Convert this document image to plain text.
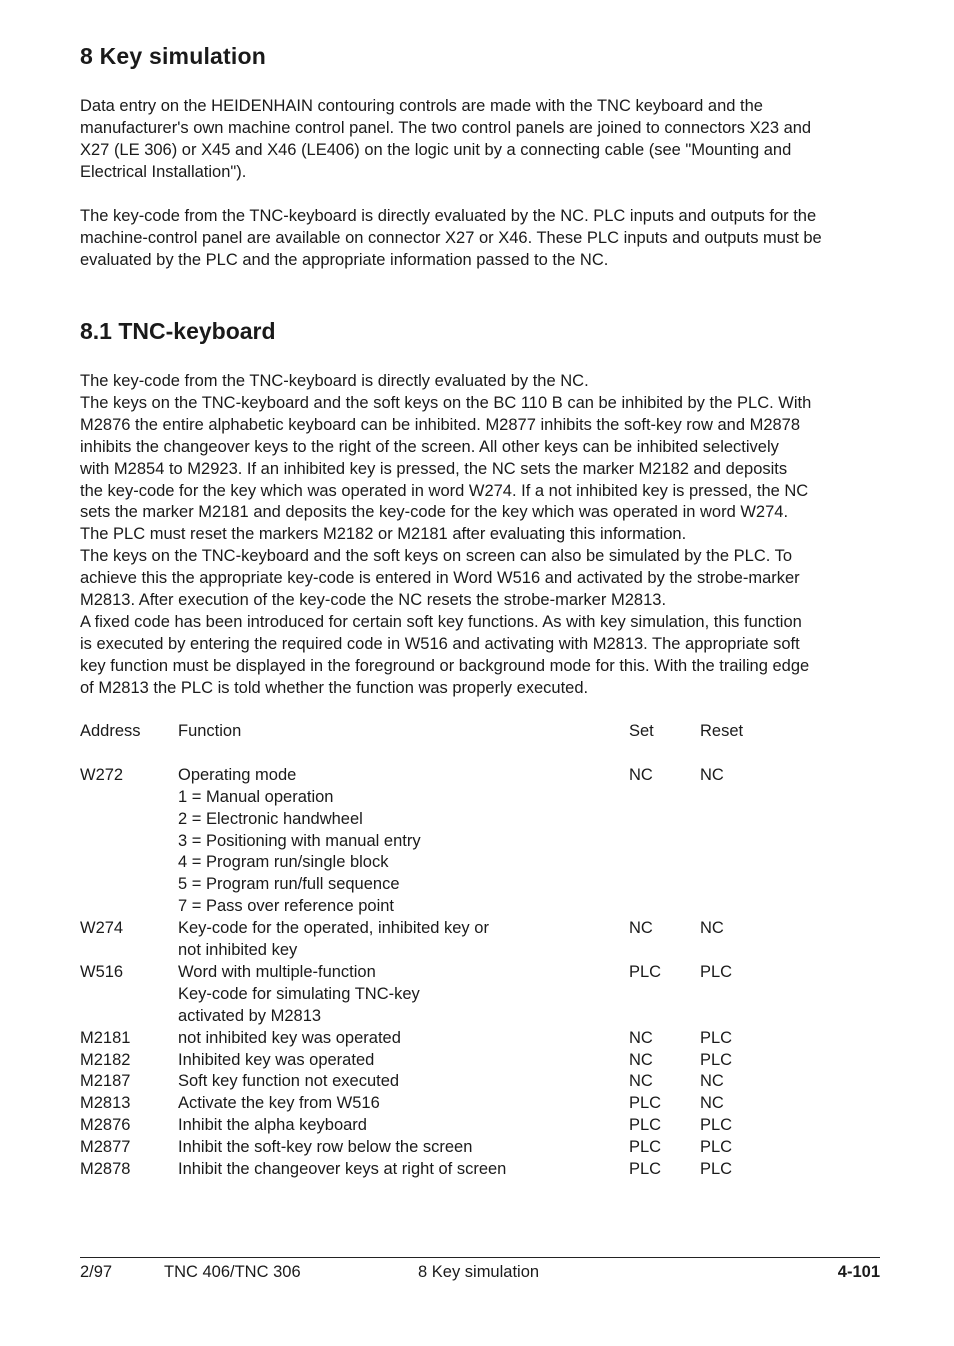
8 Key simulation

Data entry on the HEIDENHAIN contouring controls are made with the TNC keyboard and the
manufacturer's own machine control panel. The two control panels are joined to connectors X23 and
X27 (LE 306) or X45 and X46 (LE406) on the logic unit by a connecting cable (see "Mounting and
Electrical Installation").

The key-code from the TNC-keyboard is directly evaluated by the NC. PLC inputs and outputs for the
machine-control panel are available on connector X27 or X46. These PLC inputs and outputs must be
evaluated by the PLC and the appropriate information passed to the NC.

8.1 TNC-keyboard

The key-code from the TNC-keyboard is directly evaluated by the NC.
The keys on the TNC-keyboard and the soft keys on the BC 110 B can be inhibited by the PLC. With
M2876 the entire alphabetic keyboard can be inhibited. M2877 inhibits the soft-key row and M2878
inhibits the changeover keys to the right of the screen. All other keys can be inhibited selectively
with M2854 to M2923. If an inhibited key is pressed, the NC sets the marker M2182 and deposits
the key-code for the key which was operated in word W274. If a not inhibited key is pressed, the NC
sets the marker M2181 and deposits the key-code for the key which was operated in word W274.
The PLC must reset the markers M2182 or M2181 after evaluating this information.
The keys on the TNC-keyboard and the soft keys on screen can also be simulated by the PLC. To
achieve this the appropriate key-code is entered in Word W516 and activated by the strobe-marker
M2813. After execution of the key-code the NC resets the strobe-marker M2813.
A fixed code has been introduced for certain soft key functions. As with key simulation, this function
is executed by entering the required code in W516 and activating with M2813. The appropriate soft
key function must be displayed in the foreground or background mode for this. With the trailing edge
of M2813 the PLC is told whether the function was properly executed.

Address	Function	Set	Reset

W272	Operating mode	NC	NC
	1 = Manual operation		
	2 = Electronic handwheel		
	3 = Positioning with manual entry		
	4 = Program run/single block		
	5 = Program run/full sequence		
	7 = Pass over reference point		
W274	Key-code for the operated, inhibited key or	NC	NC
	not inhibited key		
W516	Word with multiple-function	PLC	PLC
	Key-code for simulating TNC-key		
	activated by M2813		
M2181	not inhibited key was operated	NC	PLC
M2182	Inhibited key was operated	NC	PLC
M2187	Soft key function not executed	NC	NC
M2813	Activate the key from W516	PLC	NC
M2876	Inhibit the alpha keyboard	PLC	PLC
M2877	Inhibit the soft-key row below the screen	PLC	PLC
M2878	Inhibit the changeover keys at right of screen	PLC	PLC
2/97	TNC 406/TNC 306	8 Key simulation	4-101
